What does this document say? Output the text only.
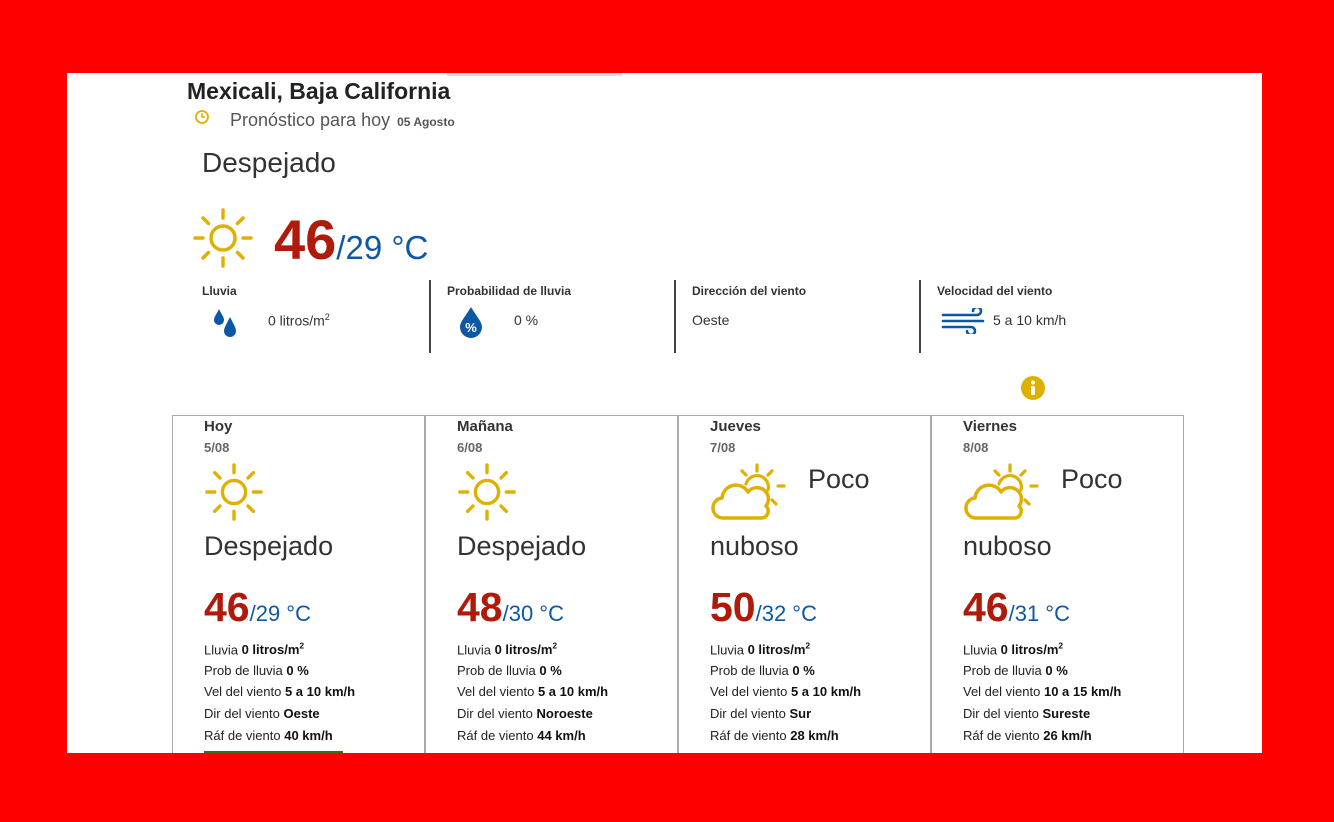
Mexicali, Baja California
Pronóstico para hoy 05 Agosto
Despejado
46/29 °C
Lluvia
0 litros/$m^2$
Probabilidad de lluvia
%	0 %
Dirección del viento
Oeste
Velocidad del viento
5 a 10 km/h
Hoy
5/08
Despejado
46/29 °C
Lluvia 0 litros/$m^2$
Prob de lluvia 0 %
Vel del viento 5 a 10 km/h
Dir del viento Oeste
Ráf de viento 40 km/h
Mañana
6/08
Despejado
48/30 °C
Lluvia 0 litros/$m^2$
Prob de lluvia 0 %
Vel del viento 5 a 10 km/h
Dir del viento Noroeste
Ráf de viento 44 km/h
Jueves
7/08
Poco
nuboso
50/32 °C
Lluvia 0 litros/$m^2$
Prob de lluvia 0 %
Vel del viento 5 a 10 km/h
Dir del viento Sur
Ráf de viento 28 km/h
Viernes
8/08
Poco
nuboso
46/31 °C
Lluvia 0 litros/$m^2$
Prob de lluvia 0 %
Vel del viento 10 a 15 km/h
Dir del viento Sureste
Ráf de viento 26 km/h
